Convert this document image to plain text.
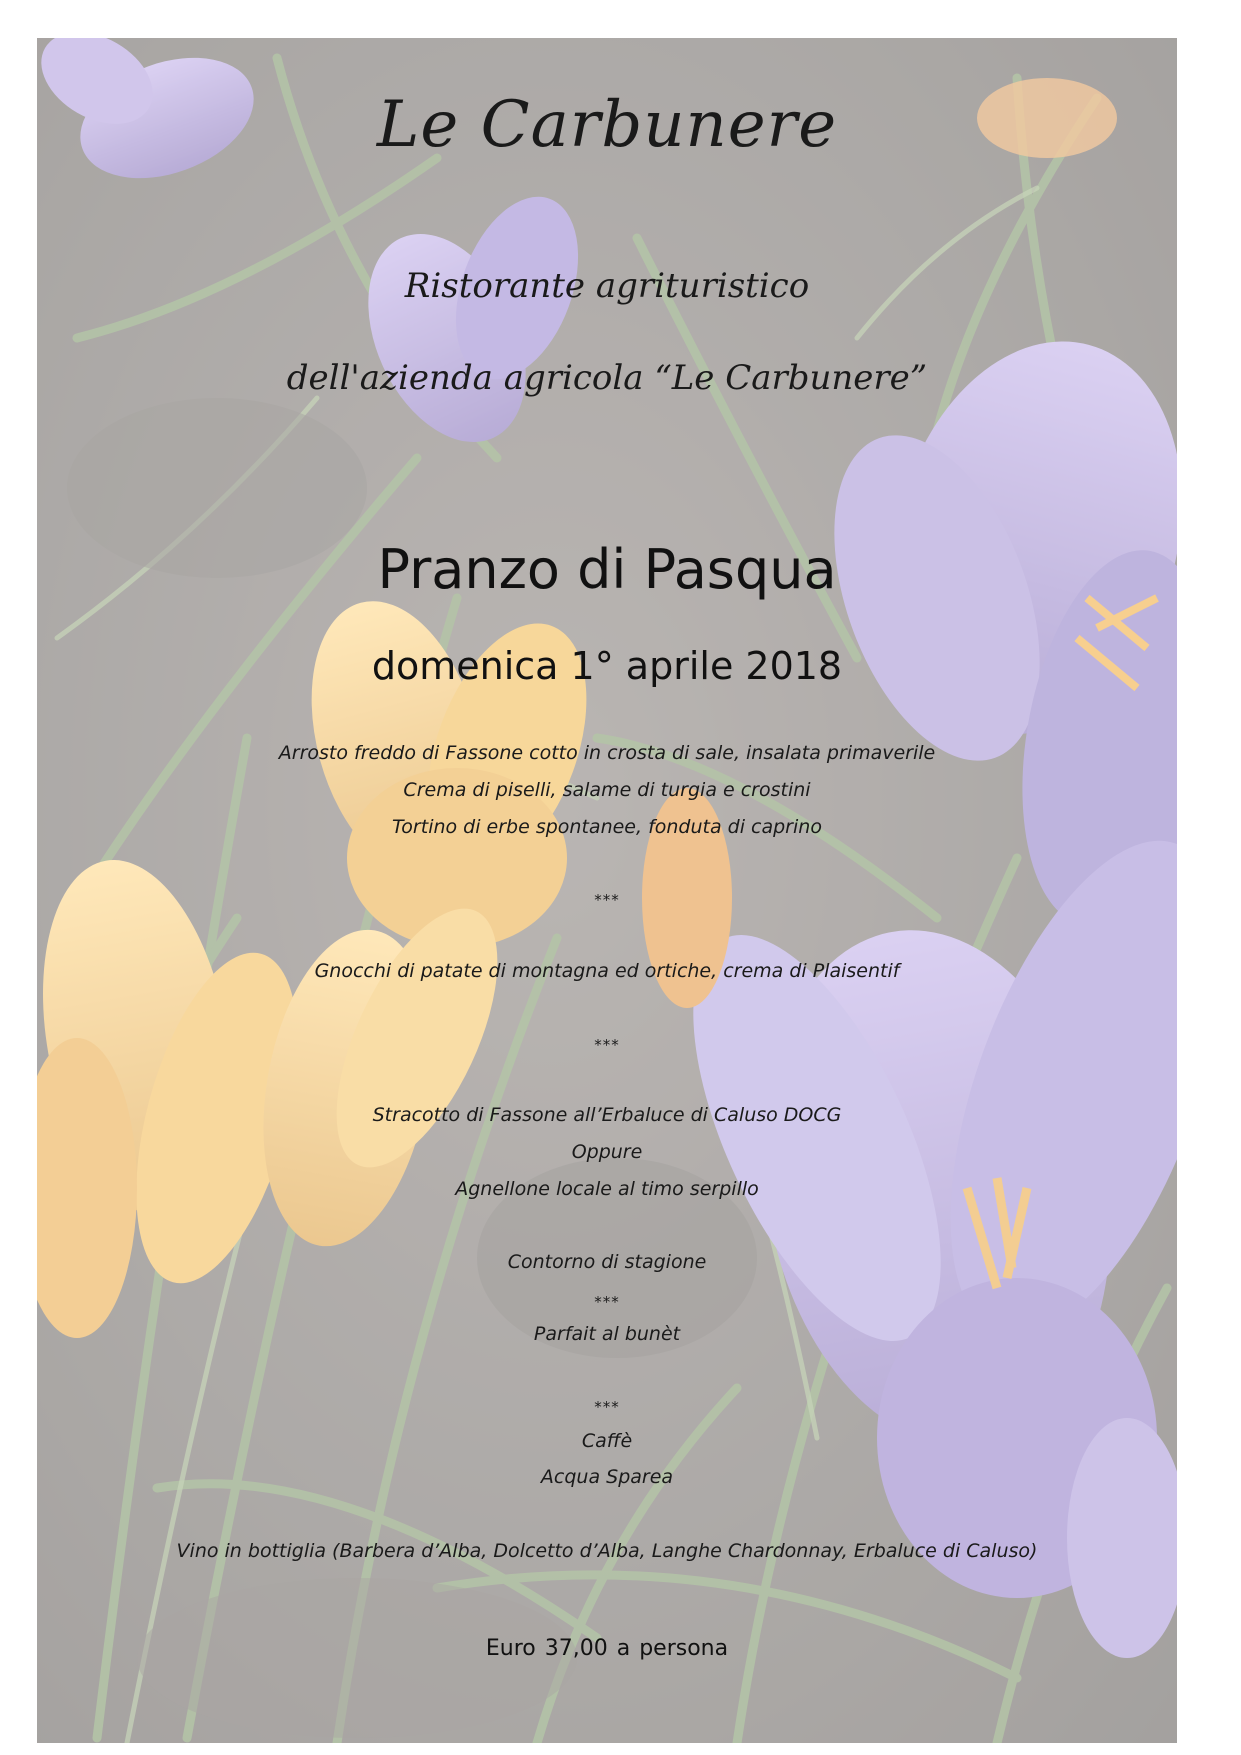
Le Carbunere
Ristorante agrituristico
dell'azienda agricola “Le Carbunere”
Pranzo di Pasqua
domenica 1° aprile 2018
Arrosto freddo di Fassone cotto in crosta di sale, insalata primaverile
Crema di piselli, salame di turgia e crostini
Tortino di erbe spontanee, fonduta di caprino
***
Gnocchi di patate di montagna ed ortiche, crema di Plaisentif
***
Stracotto di Fassone all’Erbaluce di Caluso DOCG
Oppure
Agnellone locale al timo serpillo
Contorno di stagione
***
Parfait al bunèt
***
Caffè
Acqua Sparea
Vino in bottiglia (Barbera d’Alba, Dolcetto d’Alba, Langhe Chardonnay, Erbaluce di Caluso)
Euro 37,00 a persona
